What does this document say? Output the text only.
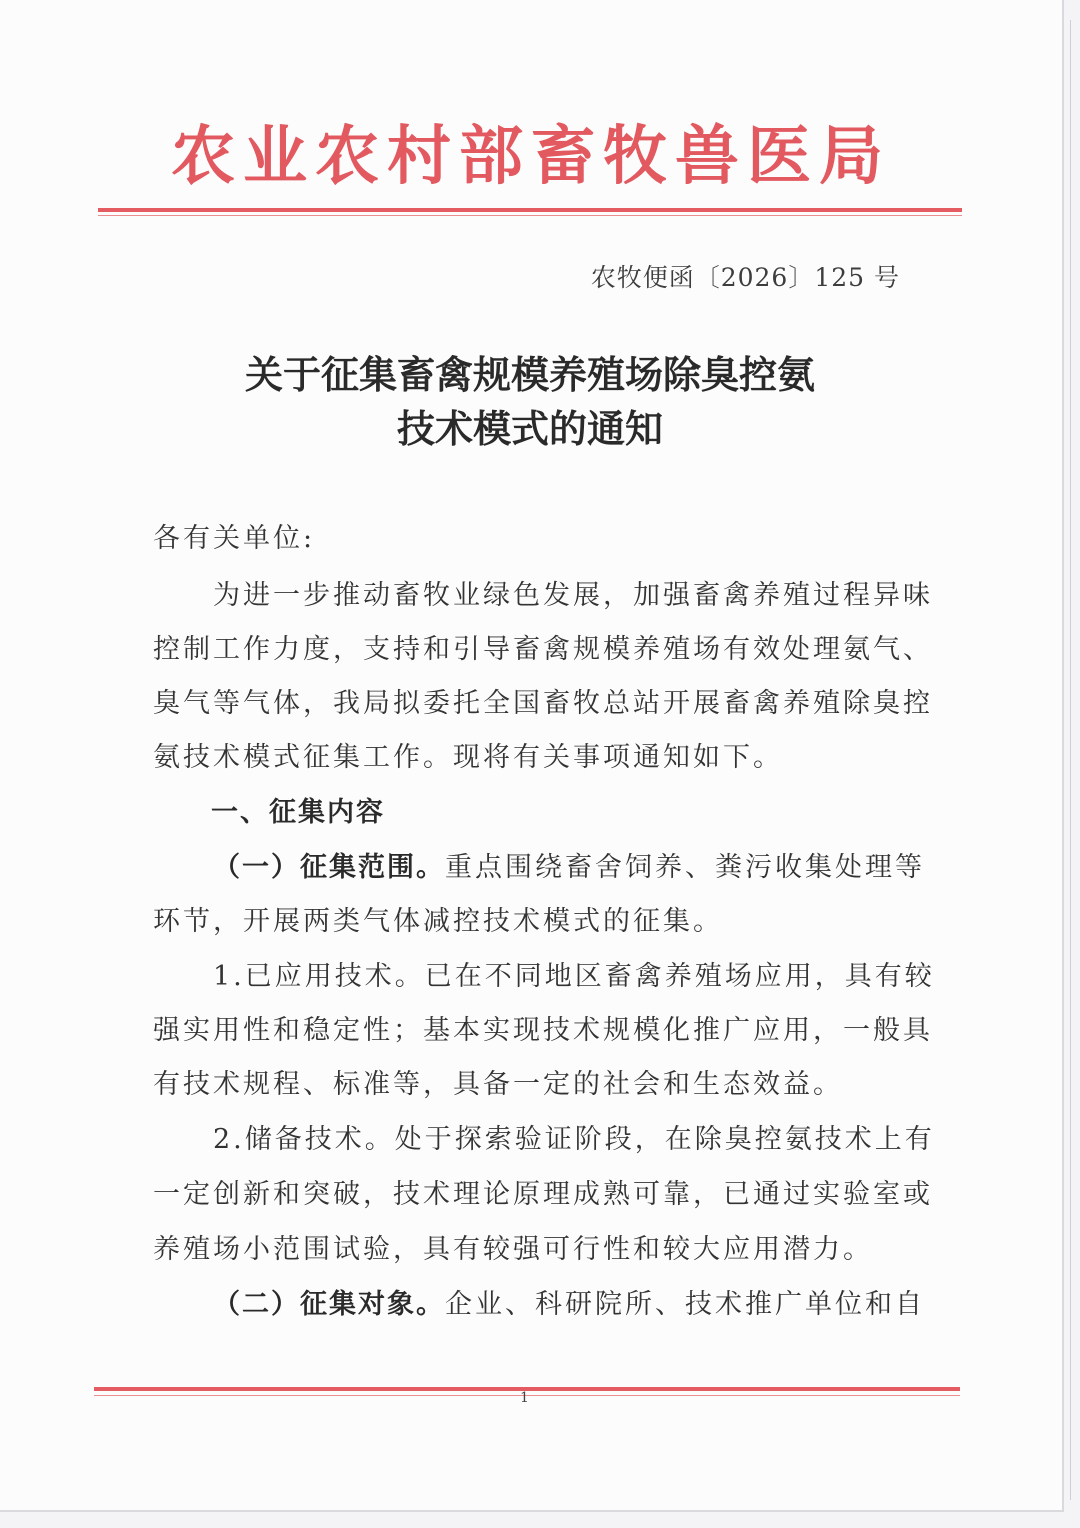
农业农村部畜牧兽医局
农牧便函〔2026〕125 号
关于征集畜禽规模养殖场除臭控氨
技术模式的通知
各有关单位:
为进一步推动畜牧业绿色发展，加强畜禽养殖过程异味
控制工作力度，支持和引导畜禽规模养殖场有效处理氨气、
臭气等气体，我局拟委托全国畜牧总站开展畜禽养殖除臭控
氨技术模式征集工作。现将有关事项通知如下。
一、征集内容
（一）征集范围。重点围绕畜舍饲养、粪污收集处理等
环节，开展两类气体减控技术模式的征集。
1.已应用技术。已在不同地区畜禽养殖场应用，具有较
强实用性和稳定性；基本实现技术规模化推广应用，一般具
有技术规程、标准等，具备一定的社会和生态效益。
2.储备技术。处于探索验证阶段，在除臭控氨技术上有
一定创新和突破，技术理论原理成熟可靠，已通过实验室或
养殖场小范围试验，具有较强可行性和较大应用潜力。
（二）征集对象。企业、科研院所、技术推广单位和自
1
